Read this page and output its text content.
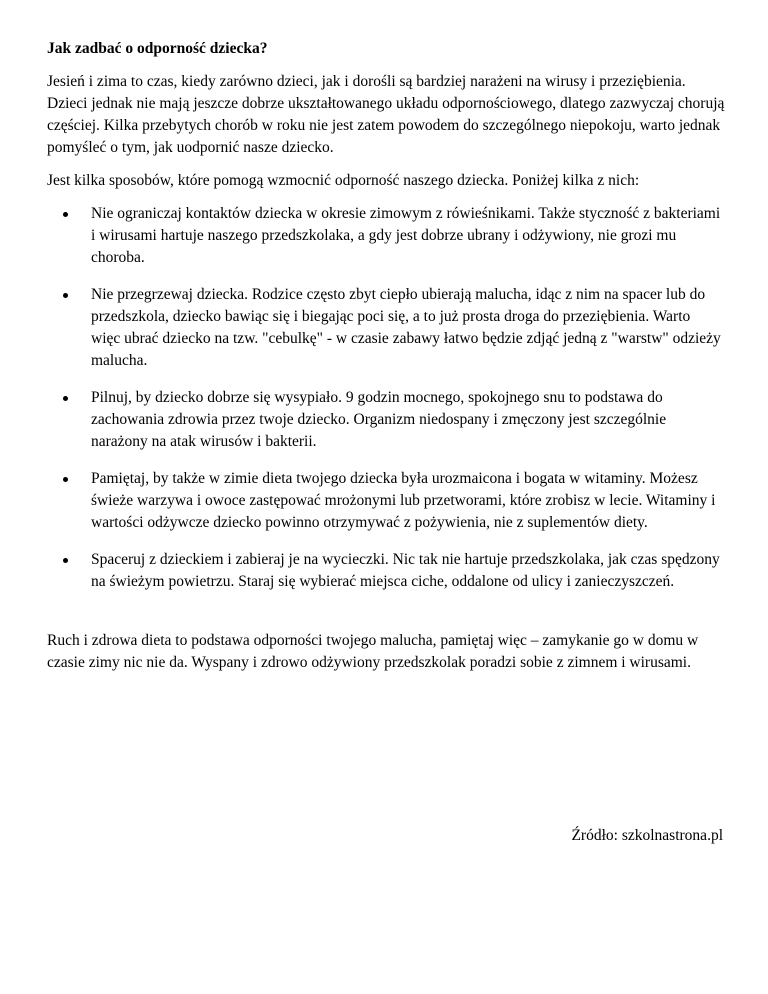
Jak zadbać o odporność dziecka?

Jesień i zima to czas, kiedy zarówno dzieci, jak i dorośli są bardziej narażeni na wirusy i przeziębienia. Dzieci jednak nie mają jeszcze dobrze ukształtowanego układu odpornościowego, dlatego zazwyczaj chorują częściej. Kilka przebytych chorób w roku nie jest zatem powodem do szczególnego niepokoju, warto jednak pomyśleć o tym, jak uodpornić nasze dziecko.

Jest kilka sposobów, które pomogą wzmocnić odporność naszego dziecka. Poniżej kilka z nich:

Nie ograniczaj kontaktów dziecka w okresie zimowym z rówieśnikami. Także styczność z bakteriami i wirusami hartuje naszego przedszkolaka, a gdy jest dobrze ubrany i odżywiony, nie grozi mu choroba.
Nie przegrzewaj dziecka. Rodzice często zbyt ciepło ubierają malucha, idąc z nim na spacer lub do przedszkola, dziecko bawiąc się i biegając poci się, a to już prosta droga do przeziębienia. Warto więc ubrać dziecko na tzw. "cebulkę" - w czasie zabawy łatwo będzie zdjąć jedną z "warstw" odzieży malucha.
Pilnuj, by dziecko dobrze się wysypiało. 9 godzin mocnego, spokojnego snu to podstawa do zachowania zdrowia przez twoje dziecko. Organizm niedospany i zmęczony jest szczególnie narażony na atak wirusów i bakterii.
Pamiętaj, by także w zimie dieta twojego dziecka była urozmaicona i bogata w witaminy. Możesz świeże warzywa i owoce zastępować mrożonymi lub przetworami, które zrobisz w lecie. Witaminy i wartości odżywcze dziecko powinno otrzymywać z pożywienia, nie z suplementów diety.
Spaceruj z dzieckiem i zabieraj je na wycieczki. Nic tak nie hartuje przedszkolaka, jak czas spędzony na świeżym powietrzu. Staraj się wybierać miejsca ciche, oddalone od ulicy i zanieczyszczeń.

Ruch i zdrowa dieta to podstawa odporności twojego malucha, pamiętaj więc – zamykanie go w domu w czasie zimy nic nie da. Wyspany i zdrowo odżywiony przedszkolak poradzi sobie z zimnem i wirusami.

Źródło: szkolnastrona.pl
